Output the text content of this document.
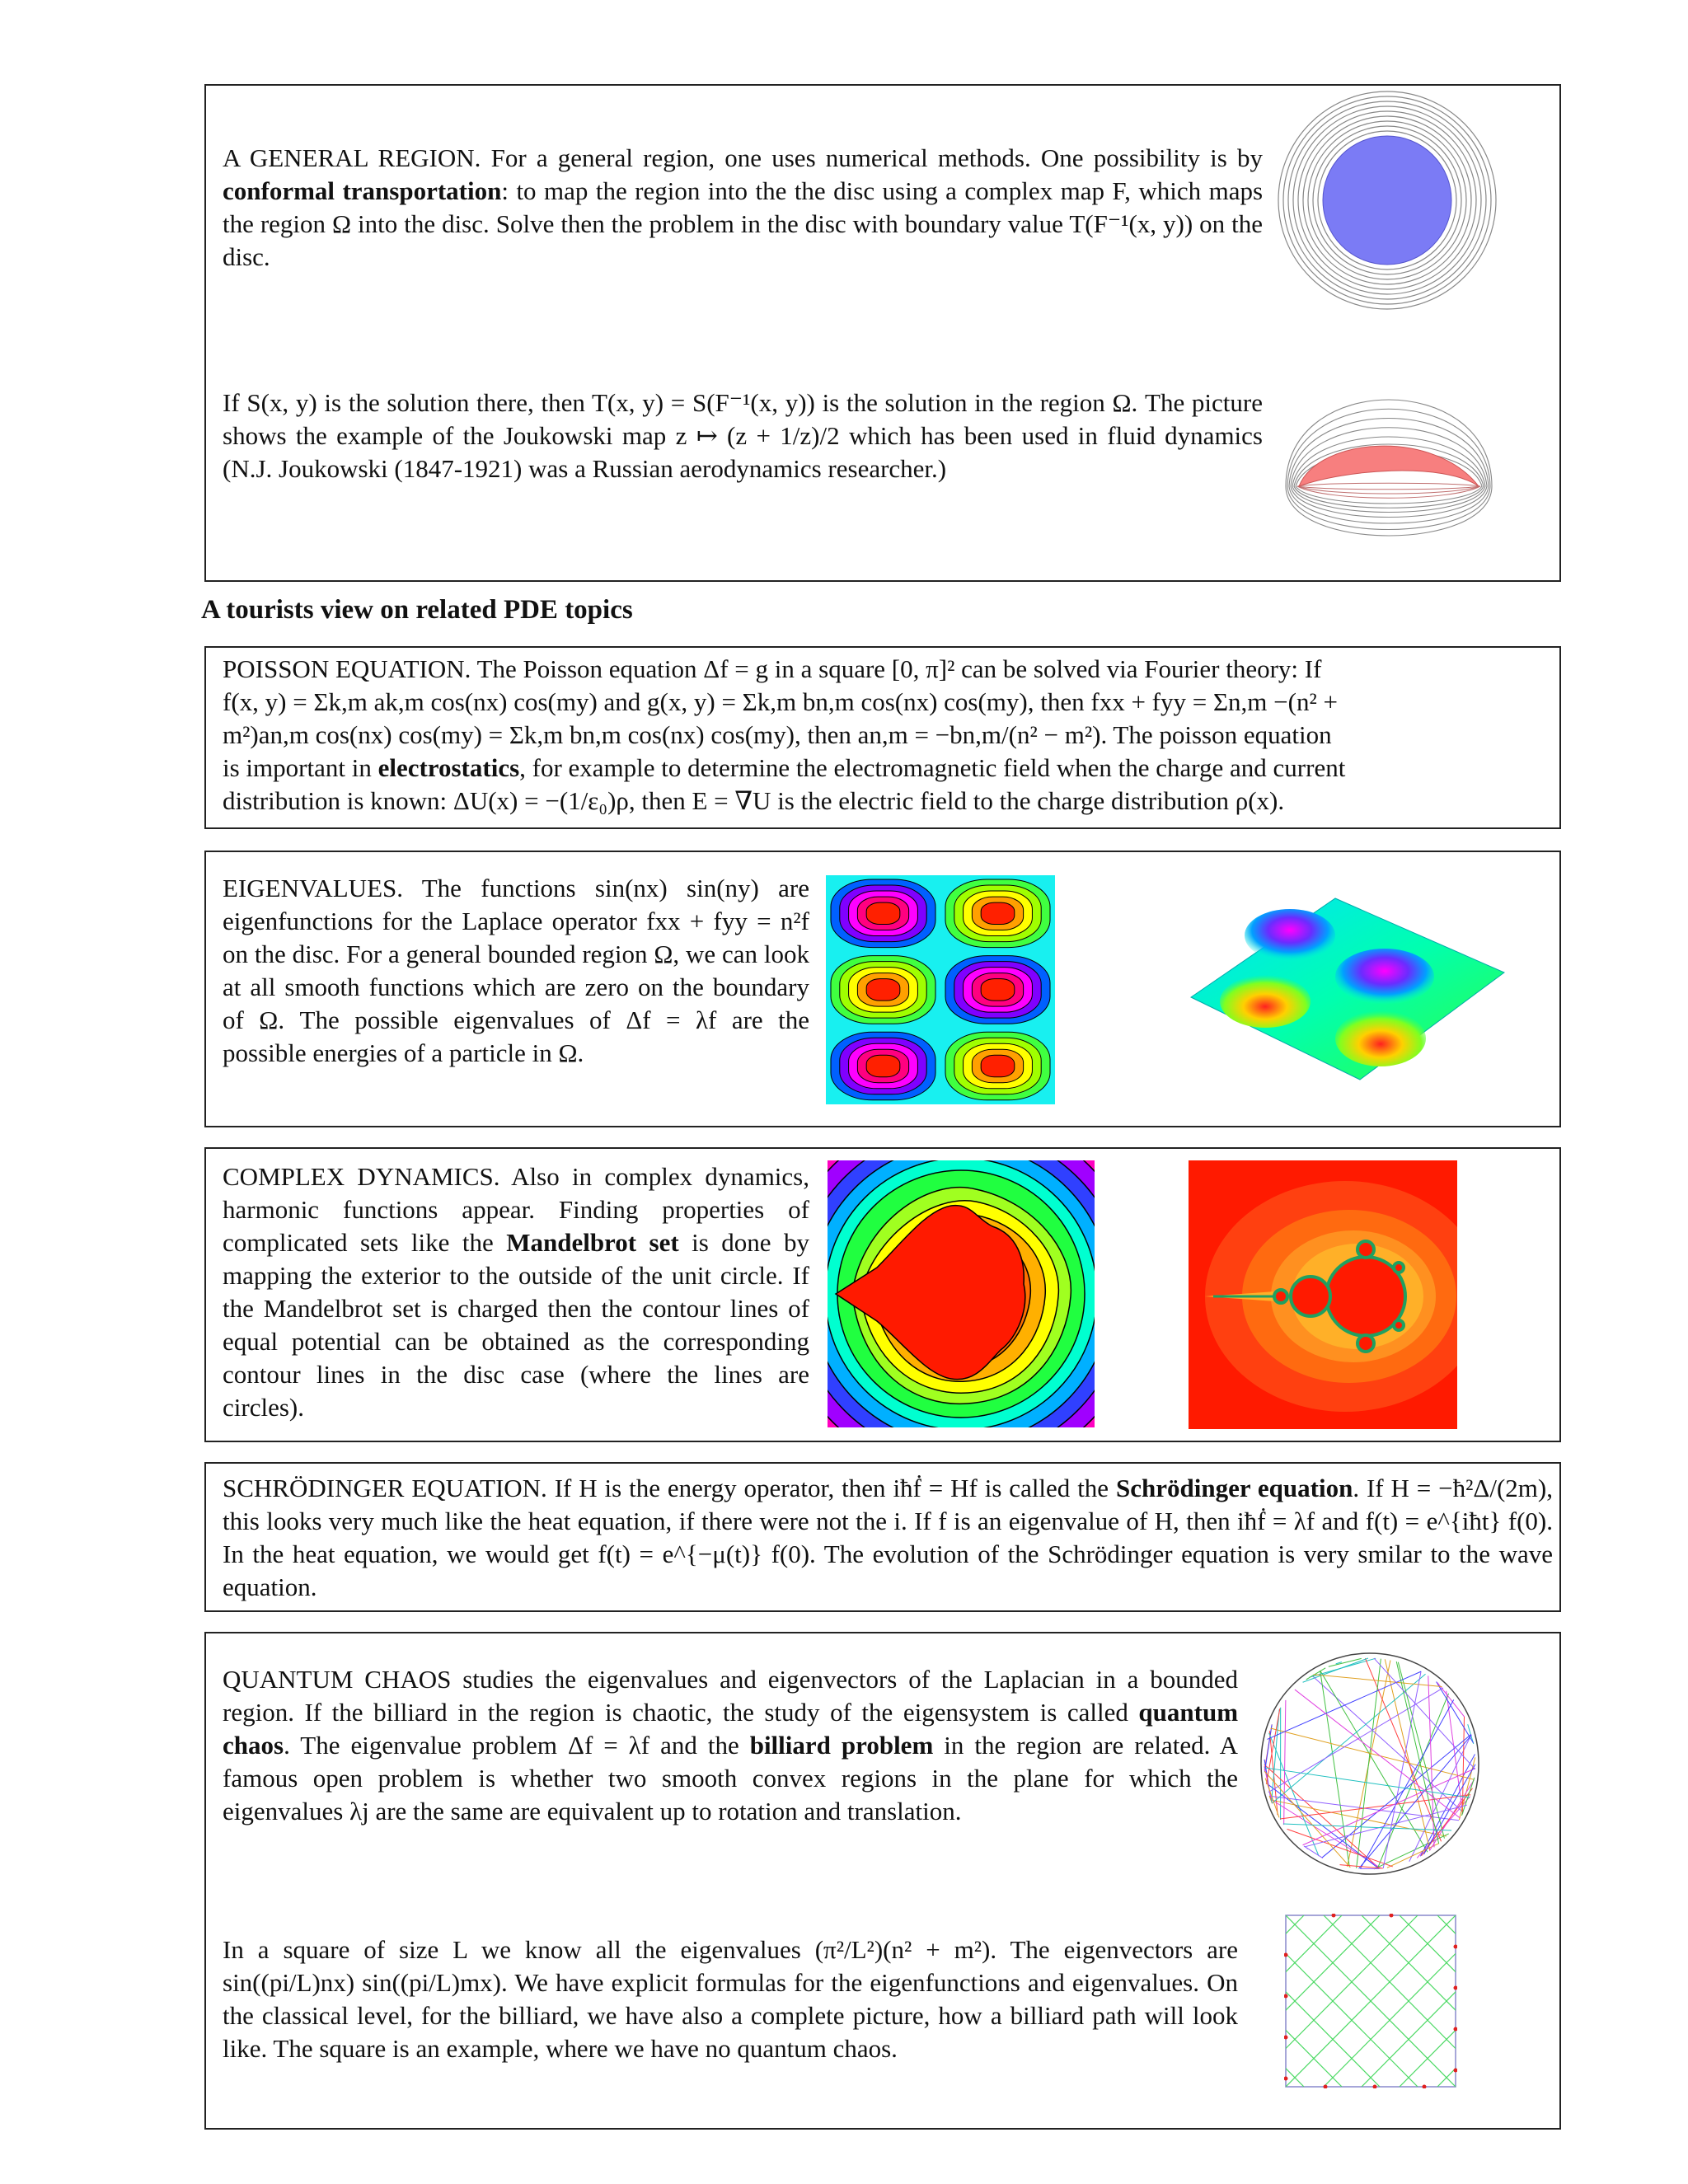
A GENERAL REGION. For a general region, one uses numerical methods. One possibility is by conformal transportation: to map the region into the the disc using a complex map F, which maps the region Ω into the disc. Solve then the problem in the disc with boundary value T(F⁻¹(x, y)) on the disc.
If S(x, y) is the solution there, then T(x, y) = S(F⁻¹(x, y)) is the solution in the region Ω. The picture shows the example of the Joukowski map z ↦ (z + 1/z)/2 which has been used in fluid dynamics (N.J. Joukowski (1847-1921) was a Russian aerodynamics researcher.)
A tourists view on related PDE topics
POISSON EQUATION. The Poisson equation Δf = g in a square [0, π]² can be solved via Fourier theory: If
f(x, y) = Σk,m ak,m cos(nx) cos(my) and g(x, y) = Σk,m bn,m cos(nx) cos(my), then fxx + fyy = Σn,m −(n² +
m²)an,m cos(nx) cos(my) = Σk,m bn,m cos(nx) cos(my), then an,m = −bn,m/(n² − m²). The poisson equation
is important in electrostatics, for example to determine the electromagnetic field when the charge and current
distribution is known: ΔU(x) = −(1/ε₀)ρ, then E = ∇U is the electric field to the charge distribution ρ(x).
EIGENVALUES. The functions sin(nx) sin(ny) are eigenfunctions for the Laplace operator fxx + fyy = n²f on the disc. For a general bounded region Ω, we can look at all smooth functions which are zero on the boundary of Ω. The possible eigenvalues of Δf = λf are the possible energies of a particle in Ω.
COMPLEX DYNAMICS. Also in complex dynamics, harmonic functions appear. Finding properties of complicated sets like the Mandelbrot set is done by mapping the exterior to the outside of the unit circle. If the Mandelbrot set is charged then the contour lines of equal potential can be obtained as the corresponding contour lines in the disc case (where the lines are circles).
SCHRÖDINGER EQUATION. If H is the energy operator, then iħḟ = Hf is called the Schrödinger equation. If H = −ħ²Δ/(2m), this looks very much like the heat equation, if there were not the i. If f is an eigenvalue of H, then iħḟ = λf and f(t) = e^{iħt} f(0). In the heat equation, we would get f(t) = e^{−μ(t)} f(0). The evolution of the Schrödinger equation is very smilar to the wave equation.
QUANTUM CHAOS studies the eigenvalues and eigenvectors of the Laplacian in a bounded region. If the billiard in the region is chaotic, the study of the eigensystem is called quantum chaos. The eigenvalue problem Δf = λf and the billiard problem in the region are related. A famous open problem is whether two smooth convex regions in the plane for which the eigenvalues λj are the same are equivalent up to rotation and translation.
In a square of size L we know all the eigenvalues (π²/L²)(n² + m²). The eigenvectors are sin((pi/L)nx) sin((pi/L)mx). We have explicit formulas for the eigenfunctions and eigenvalues. On the classical level, for the billiard, we have also a complete picture, how a billiard path will look like. The square is an example, where we have no quantum chaos.
